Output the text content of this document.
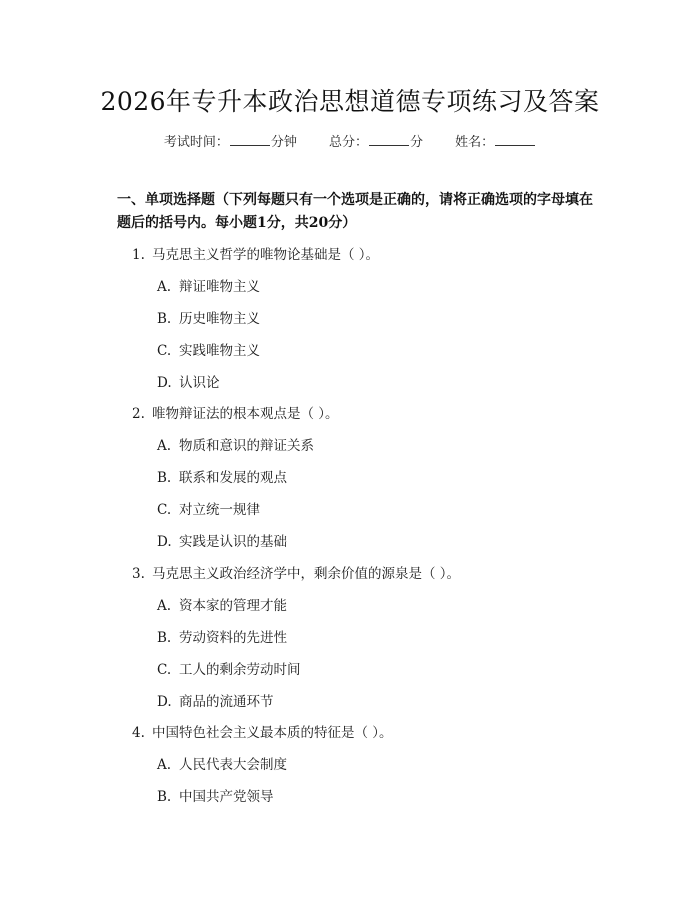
2026年专升本政治思想道德专项练习及答案
考试时间：	分钟 总分：	分 姓名：
一、单项选择题（下列每题只有一个选项是正确的，请将正确选项的字母填在题后的括号内。每小题1分，共20分）
1. 马克思主义哲学的唯物论基础是（ ）。
A. 辩证唯物主义
B. 历史唯物主义
C. 实践唯物主义
D. 认识论
2. 唯物辩证法的根本观点是（ ）。
A. 物质和意识的辩证关系
B. 联系和发展的观点
C. 对立统一规律
D. 实践是认识的基础
3. 马克思主义政治经济学中，剩余价值的源泉是（ ）。
A. 资本家的管理才能
B. 劳动资料的先进性
C. 工人的剩余劳动时间
D. 商品的流通环节
4. 中国特色社会主义最本质的特征是（ ）。
A. 人民代表大会制度
B. 中国共产党领导
